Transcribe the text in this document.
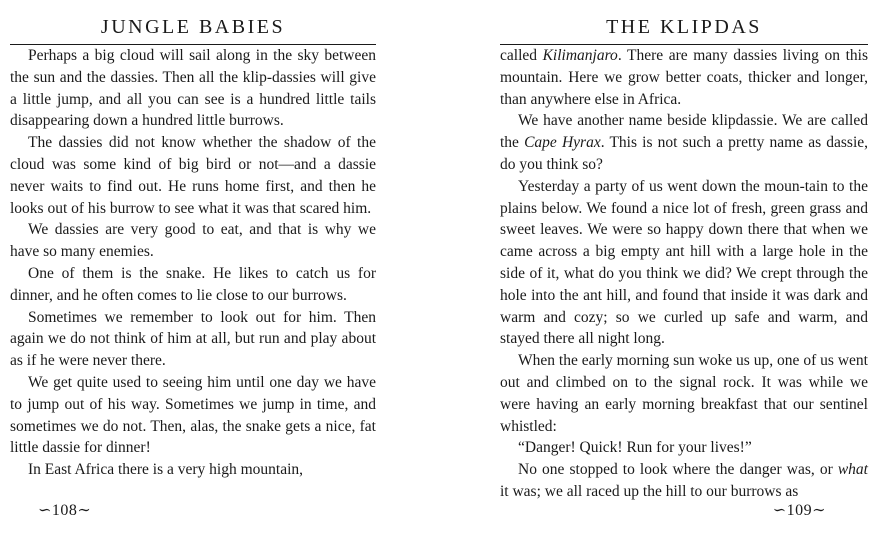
JUNGLE BABIES

Perhaps a big cloud will sail along in the sky between the sun and the dassies. Then all the klip-dassies will give a little jump, and all you can see is a hundred little tails disappearing down a hundred little burrows.

The dassies did not know whether the shadow of the cloud was some kind of big bird or not—and a dassie never waits to find out. He runs home first, and then he looks out of his burrow to see what it was that scared him.

We dassies are very good to eat, and that is why we have so many enemies.

One of them is the snake. He likes to catch us for dinner, and he often comes to lie close to our burrows.

Sometimes we remember to look out for him. Then again we do not think of him at all, but run and play about as if he were never there.

We get quite used to seeing him until one day we have to jump out of his way. Sometimes we jump in time, and sometimes we do not. Then, alas, the snake gets a nice, fat little dassie for dinner!

In East Africa there is a very high mountain,

∽108∼
THE KLIPDAS

called Kilimanjaro. There are many dassies living on this mountain. Here we grow better coats, thicker and longer, than anywhere else in Africa.

We have another name beside klipdassie. We are called the Cape Hyrax. This is not such a pretty name as dassie, do you think so?

Yesterday a party of us went down the moun-tain to the plains below. We found a nice lot of fresh, green grass and sweet leaves. We were so happy down there that when we came across a big empty ant hill with a large hole in the side of it, what do you think we did? We crept through the hole into the ant hill, and found that inside it was dark and warm and cozy; so we curled up safe and warm, and stayed there all night long.

When the early morning sun woke us up, one of us went out and climbed on to the signal rock. It was while we were having an early morning breakfast that our sentinel whistled:

“Danger! Quick! Run for your lives!”

No one stopped to look where the danger was, or what it was; we all raced up the hill to our burrows as

∽109∼
